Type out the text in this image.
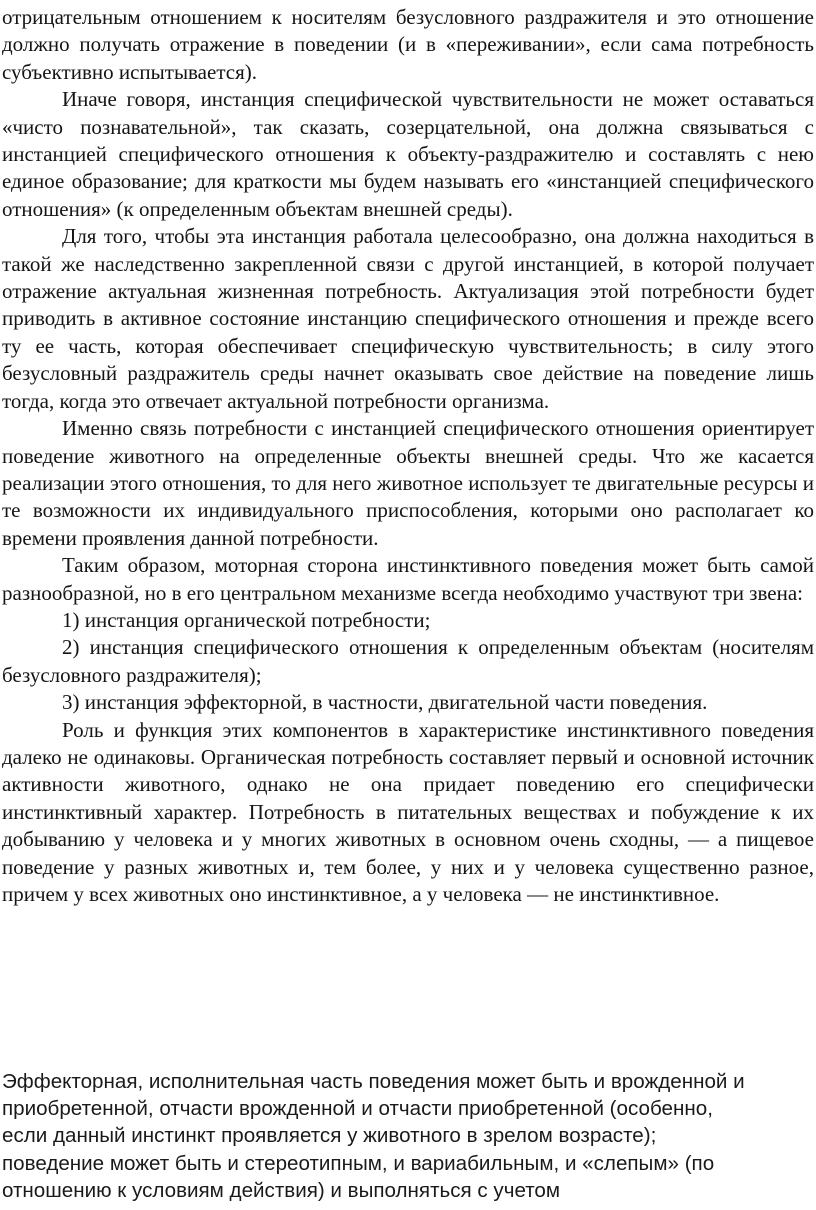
отрицательным отношением к носителям безусловного раздражителя и это отношение должно получать отражение в поведении (и в «переживании», если сама потребность субъективно испытывается).

Иначе говоря, инстанция специфической чувствительности не может оставаться «чисто познавательной», так сказать, созерцательной, она должна связываться с инстанцией специфического отношения к объекту-раздражителю и составлять с нею единое образование; для краткости мы будем называть его «инстанцией специфического отношения» (к определенным объектам внешней среды).

Для того, чтобы эта инстанция работала целесообразно, она должна находиться в такой же наследственно закрепленной связи с другой инстанцией, в которой получает отражение актуальная жизненная потребность. Актуализация этой потребности будет приводить в активное состояние инстанцию специфического отношения и прежде всего ту ее часть, которая обеспечивает специфическую чувствительность; в силу этого безусловный раздражитель среды начнет оказывать свое действие на поведение лишь тогда, когда это отвечает актуальной потребности организма.

Именно связь потребности с инстанцией специфического отношения ориентирует поведение животного на определенные объекты внешней среды. Что же касается реализации этого отношения, то для него животное использует те двигательные ресурсы и те возможности их индивидуального приспособления, которыми оно располагает ко времени проявления данной потребности.

Таким образом, моторная сторона инстинктивного поведения может быть самой разнообразной, но в его центральном механизме всегда необходимо участвуют три звена:

1) инстанция органической потребности;

2) инстанция специфического отношения к определенным объектам (носителям безусловного раздражителя);

3) инстанция эффекторной, в частности, двигательной части поведения.

Роль и функция этих компонентов в характеристике инстинктивного поведения далеко не одинаковы. Органическая потребность составляет первый и основной источник активности животного, однако не она придает поведению его специфически инстинктивный характер. Потребность в питательных веществах и побуждение к их добыванию у человека и у многих животных в основном очень сходны, — а пищевое поведение у разных животных и, тем более, у них и у человека существенно разное, причем у всех животных оно инстинктивное, а у человека — не инстинктивное.

Эффекторная, исполнительная часть поведения может быть и врожденной и
приобретенной, отчасти врожденной и отчасти приобретенной (особенно,
если данный инстинкт проявляется у животного в зрелом возрасте);
поведение может быть и стереотипным, и вариабильным, и «слепым» (по
отношению к условиям действия) и выполняться с учетом
